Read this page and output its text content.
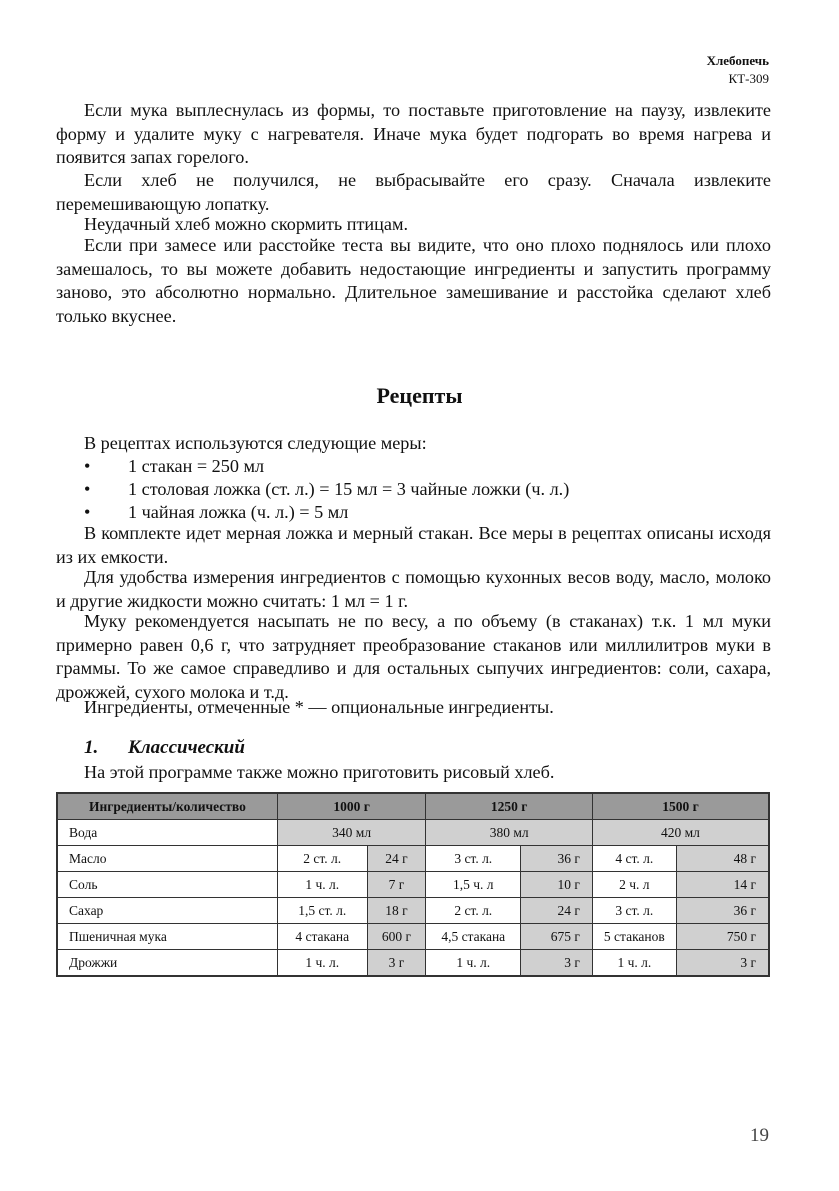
Хлебопечь
КТ-309

Если мука выплеснулась из формы, то поставьте приготовление на паузу, извлеките форму и удалите муку с нагревателя. Иначе мука будет подгорать во время нагрева и появится запах горелого.

Если хлеб не получился, не выбрасывайте его сразу. Сначала извлеките перемешивающую лопатку.

Неудачный хлеб можно скормить птицам.

Если при замесе или расстойке теста вы видите, что оно плохо поднялось или плохо замешалось, то вы можете добавить недостающие ингредиенты и запустить программу заново, это абсолютно нормально. Длительное замешивание и расстойка сделают хлеб только вкуснее.

Рецепты

В рецептах используются следующие меры:

• 1 стакан = 250 мл

• 1 столовая ложка (ст. л.) = 15 мл = 3 чайные ложки (ч. л.)

• 1 чайная ложка (ч. л.) = 5 мл

В комплекте идет мерная ложка и мерный стакан. Все меры в рецептах описаны исходя из их емкости.

Для удобства измерения ингредиентов с помощью кухонных весов воду, масло, молоко и другие жидкости можно считать: 1 мл = 1 г.

Муку рекомендуется насыпать не по весу, а по объему (в стаканах) т.к. 1 мл муки примерно равен 0,6 г, что затрудняет преобразование стаканов или миллилитров муки в граммы. То же самое справедливо и для остальных сыпучих ингредиентов: соли, сахара, дрожжей, сухого молока и т.д.

Ингредиенты, отмеченные * — опциональные ингредиенты.

1. Классический

На этой программе также можно приготовить рисовый хлеб.

Ингредиенты/количество	1000 г		1250 г		1500 г	
Вода	340 мл		380 мл		420 мл	
Масло	2 ст. л.	24 г	3 ст. л.	36 г	4 ст. л.	48 г
Соль	1 ч. л.	7 г	1,5 ч. л	10 г	2 ч. л	14 г
Сахар	1,5 ст. л.	18 г	2 ст. л.	24 г	3 ст. л.	36 г
Пшеничная мука	4 стакана	600 г	4,5 стакана	675 г	5 стаканов	750 г
Дрожжи	1 ч. л.	3 г	1 ч. л.	3 г	1 ч. л.	3 г
19
